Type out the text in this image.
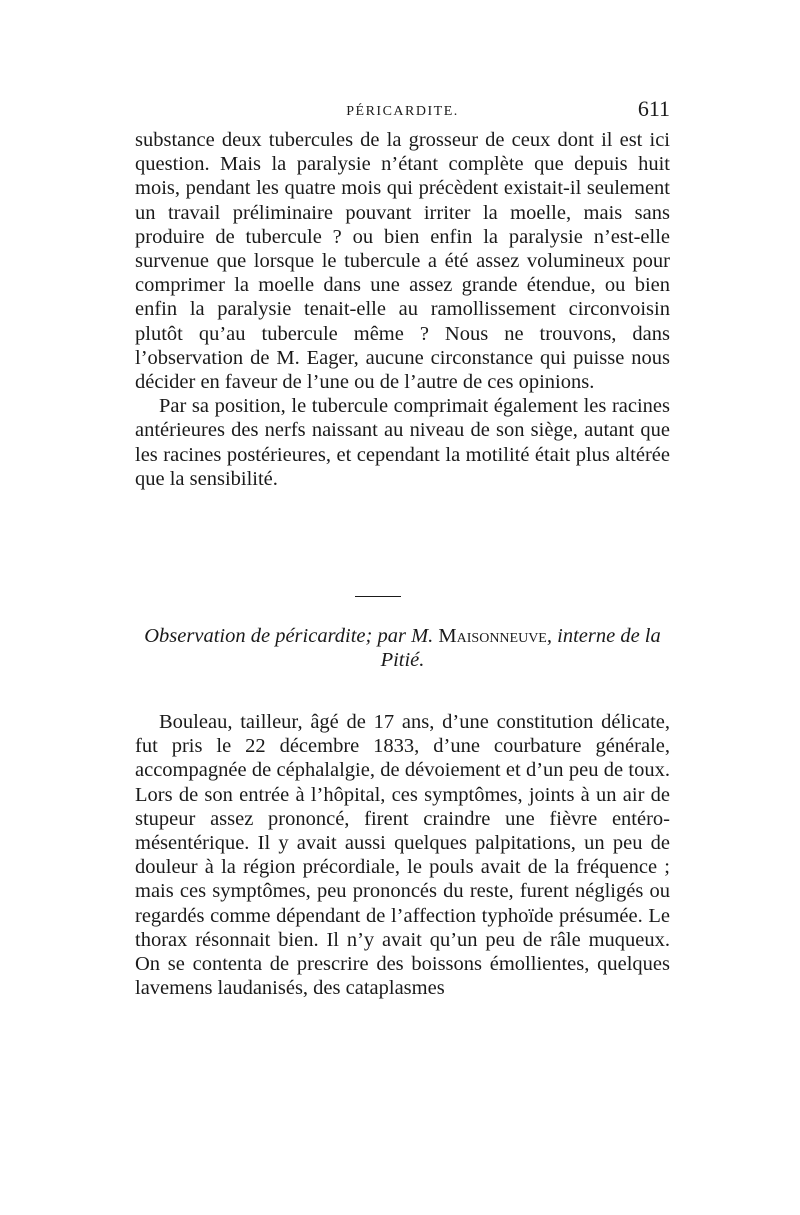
PÉRICARDITE.	611

substance deux tubercules de la grosseur de ceux dont il est ici question. Mais la paralysie n’étant complète que depuis huit mois, pendant les quatre mois qui précèdent existait-il seulement un travail préliminaire pouvant irriter la moelle, mais sans produire de tubercule ? ou bien enfin la paralysie n’est-elle survenue que lorsque le tubercule a été assez volumineux pour comprimer la moelle dans une assez grande étendue, ou bien enfin la paralysie tenait-elle au ramollissement circonvoisin plutôt qu’au tubercule même ? Nous ne trouvons, dans l’observation de M. Eager, aucune circonstance qui puisse nous décider en faveur de l’une ou de l’autre de ces opinions.

Par sa position, le tubercule comprimait également les racines antérieures des nerfs naissant au niveau de son siège, autant que les racines postérieures, et cependant la motilité était plus altérée que la sensibilité.

Observation de péricardite; par M. Maisonneuve, interne de la Pitié.

Bouleau, tailleur, âgé de 17 ans, d’une constitution délicate, fut pris le 22 décembre 1833, d’une courbature générale, accompagnée de céphalalgie, de dévoiement et d’un peu de toux. Lors de son entrée à l’hôpital, ces symptômes, joints à un air de stupeur assez prononcé, firent craindre une fièvre entéro-mésentérique. Il y avait aussi quelques palpitations, un peu de douleur à la région précordiale, le pouls avait de la fréquence ; mais ces symptômes, peu prononcés du reste, furent négligés ou regardés comme dépendant de l’affection typhoïde présumée. Le thorax résonnait bien. Il n’y avait qu’un peu de râle muqueux. On se contenta de prescrire des boissons émollientes, quelques lavemens laudanisés, des cataplasmes
